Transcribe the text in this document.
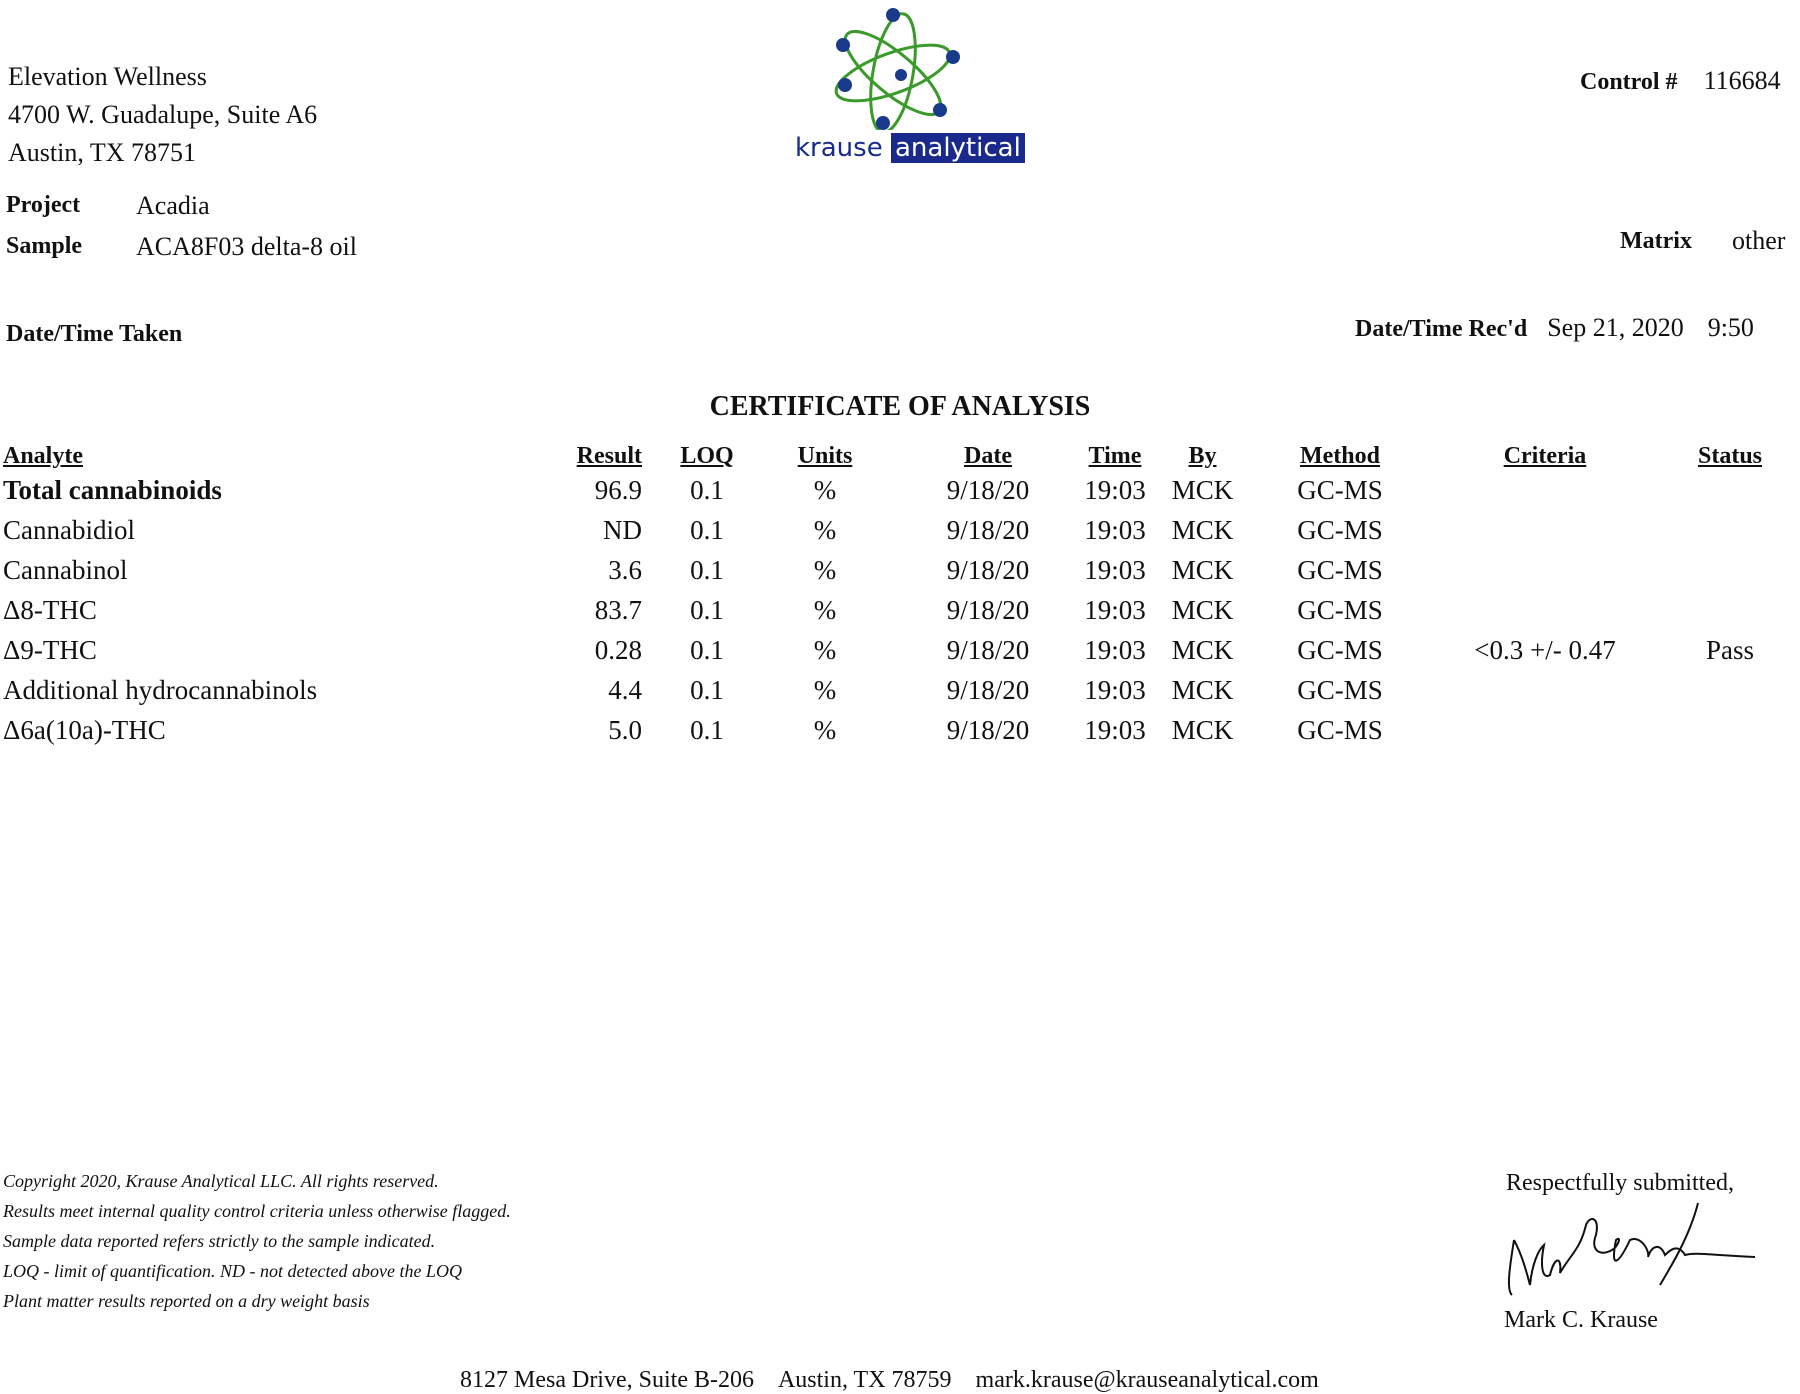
Elevation Wellness
4700 W. Guadalupe, Suite A6
Austin, TX 78751	krause analytical
Control # 116684
Project Acadia
Sample ACA8F03 delta-8 oil	Matrix other
Date/Time Taken	Date/Time Rec'd Sep 21, 2020 9:50
CERTIFICATE OF ANALYSIS
Analyte	Result	LOQ	Units	Date	Time	By	Method	Criteria	Status
Total cannabinoids	96.9	0.1	%	9/18/20	19:03 MCK	GC-MS
Cannabidiol	ND	0.1	%	9/18/20	19:03 MCK	GC-MS
Cannabinol	3.6	0.1	%	9/18/20	19:03 MCK	GC-MS
Δ8-THC	83.7	0.1	%	9/18/20	19:03 MCK	GC-MS
Δ9-THC	0.28	0.1	%	9/18/20	19:03 MCK	GC-MS	<0.3 +/- 0.47	Pass
Additional hydrocannabinols	4.4	0.1	%	9/18/20	19:03 MCK	GC-MS
Δ6a(10a)-THC	5.0	0.1	%	9/18/20	19:03 MCK	GC-MS
Copyright 2020, Krause Analytical LLC. All rights reserved.
Results meet internal quality control criteria unless otherwise flagged.
Sample data reported refers strictly to the sample indicated.
LOQ - limit of quantification. ND - not detected above the LOQ
Plant matter results reported on a dry weight basis
Respectfully submitted,
Mark C. Krause
8127 Mesa Drive, Suite B-206 Austin, TX 78759 mark.krause@krauseanalytical.com
